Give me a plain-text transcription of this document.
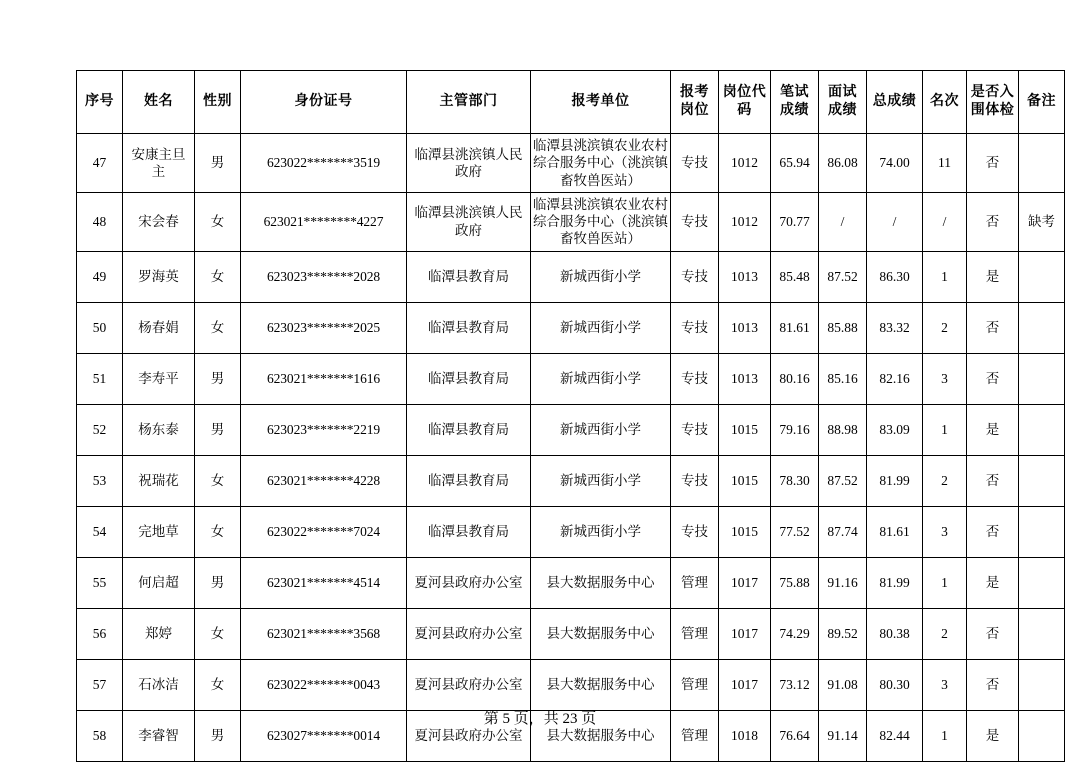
序号	姓名	性别	身份证号	主管部门	报考单位	报考岗位	岗位代码	笔试成绩	面试成绩	总成绩	名次	是否入围体检	备注
47	安康主旦主	男	623022*******3519	临潭县洮滨镇人民政府	临潭县洮滨镇农业农村综合服务中心（洮滨镇畜牧兽医站）	专技	1012	65.94	86.08	74.00	11	否	
48	宋会春	女	623021********4227	临潭县洮滨镇人民政府	临潭县洮滨镇农业农村综合服务中心（洮滨镇畜牧兽医站）	专技	1012	70.77	/	/	/	否	缺考
49	罗海英	女	623023*******2028	临潭县教育局	新城西街小学	专技	1013	85.48	87.52	86.30	1	是	
50	杨春娟	女	623023*******2025	临潭县教育局	新城西街小学	专技	1013	81.61	85.88	83.32	2	否	
51	李寿平	男	623021*******1616	临潭县教育局	新城西街小学	专技	1013	80.16	85.16	82.16	3	否	
52	杨东泰	男	623023*******2219	临潭县教育局	新城西街小学	专技	1015	79.16	88.98	83.09	1	是	
53	祝瑞花	女	623021*******4228	临潭县教育局	新城西街小学	专技	1015	78.30	87.52	81.99	2	否	
54	完地草	女	623022*******7024	临潭县教育局	新城西街小学	专技	1015	77.52	87.74	81.61	3	否	
55	何启超	男	623021*******4514	夏河县政府办公室	县大数据服务中心	管理	1017	75.88	91.16	81.99	1	是	
56	郑婷	女	623021*******3568	夏河县政府办公室	县大数据服务中心	管理	1017	74.29	89.52	80.38	2	否	
57	石冰洁	女	623022*******0043	夏河县政府办公室	县大数据服务中心	管理	1017	73.12	91.08	80.30	3	否	
58	李睿智	男	623027*******0014	夏河县政府办公室	县大数据服务中心	管理	1018	76.64	91.14	82.44	1	是	
第 5 页，共 23 页
